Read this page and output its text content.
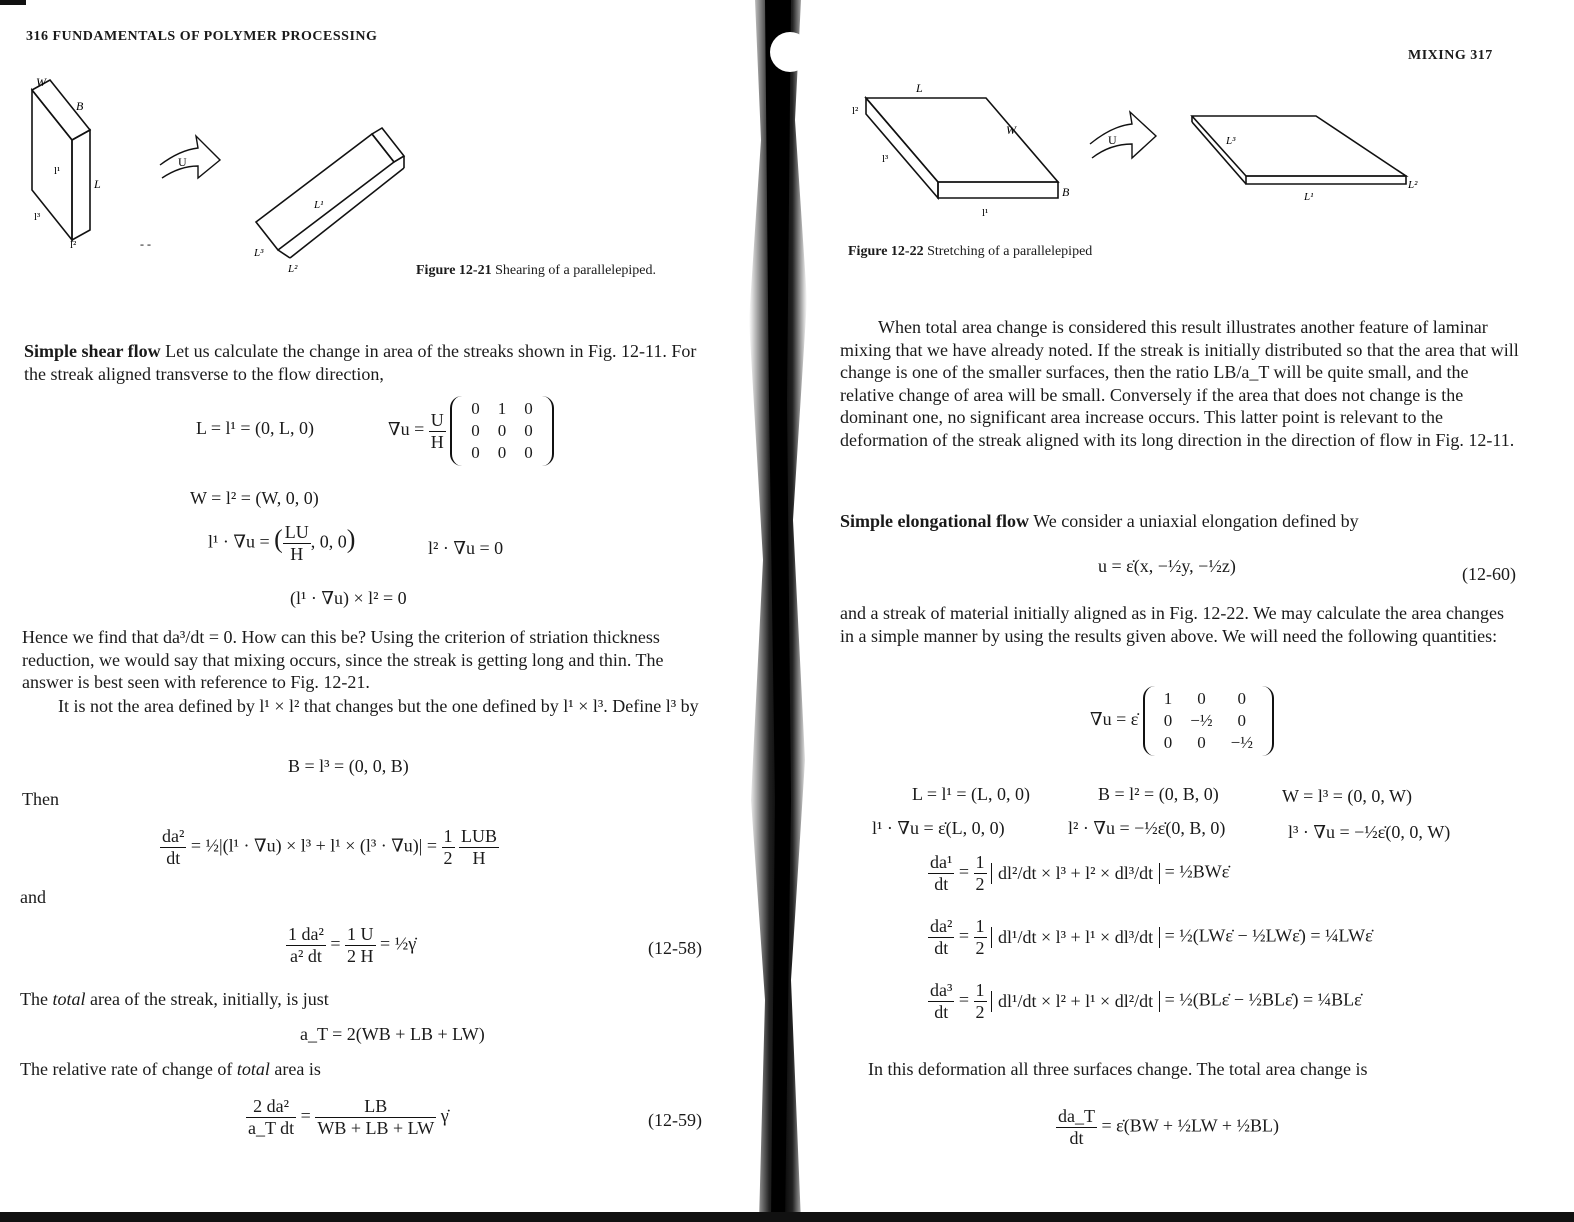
316 FUNDAMENTALS OF POLYMER PROCESSING
W
B
L
l¹
l²
l³
U
- -
L¹
L³
L²	Figure 12-21 Shearing of a parallelepiped.
Simple shear flow Let us calculate the change in area of the streaks shown in Fig. 12-11. For the streak aligned transverse to the flow direction,
L = l¹ = (0, L, 0)	$\nabla u = \frac{U}{H}$

0	1	0
0	0	0
0	0	0
W = l² = (W, 0, 0)
l¹ · ∇u = ( $\frac{LU}{H}$ , 0, 0)	l² · ∇u = 0
(l¹ · ∇u) × l² = 0
Hence we find that da³/dt = 0. How can this be? Using the criterion of striation thickness reduction, we would say that mixing occurs, since the streak is getting long and thin. The answer is best seen with reference to Fig. 12-21.
It is not the area defined by l¹ × l² that changes but the one defined by l¹ × l³. Define l³ by
B = l³ = (0, 0, B)
Then
$\frac{\text{da²}}{dt}$ = ½|(l¹ · $\nabla u) \times l^3 + l^1 \times (l^3 \cdot \nabla u)| = \frac{1}{2}$
$\frac{\text{LUB}}{H}$
and
$\frac{\text{1 da²}}{\text{a² dt}} = \frac{1 U}{2 H}$ = ½γ̇	(12-58)
The total area of the streak, initially, is just
a_T = 2(WB + LB + LW)
The relative rate of change of total area is
$\frac{\text{2 da²}}{\text{a\_T dt}} = \frac{LB}{WB + LB + LW}$ γ̇	(12-59)
MIXING 317
L
W
B
l²
l³
l¹
U	L³
L¹
L²
Figure 12-22 Stretching of a parallelepiped
When total area change is considered this result illustrates another feature of laminar mixing that we have already noted. If the streak is initially distributed so that the area that will change is one of the smaller surfaces, then the ratio LB/a_T will be quite small, and the relative change of area will be small. Conversely if the area that does not change is the dominant one, no significant area increase occurs. This latter point is relevant to the deformation of the streak aligned with its long direction in the direction of flow in Fig. 12-11.
Simple elongational flow We consider a uniaxial elongation defined by
u = ε̇(x, −½y, −½z)	(12-60)
and a streak of material initially aligned as in Fig. 12-22. We may calculate the area changes in a simple manner by using the results given above. We will need the following quantities:
∇u = ε̇
1	0	0
0	−½	0
0	0	−½
L = l¹ = (L, 0, 0)	B = l² = (0, B, 0)	W = l³ = (0, 0, W)
l¹ · ∇u = ε̇(L, 0, 0)	l² · ∇u = −½ε̇(0, B, 0)	l³ · ∇u = −½ε̇(0, 0, W)
$\frac{\text{da¹}}{dt} = \frac{1}{2} dl^2/dt \times l^3 + l^2 \times dl^3/dt$ = ½BWε̇
$\frac{\text{da²}}{dt} = \frac{1}{2} dl^1/dt \times l^3 + l^1 \times dl^3/dt$ = ½(LWε̇ − ½LWε̇) = ¼LWε̇
$\frac{\text{da³}}{dt} = \frac{1}{2} dl^1/dt \times l^2 + l^1 \times dl^2/dt$ = ½(BLε̇ − ½BLε̇) = ¼BLε̇
In this deformation all three surfaces change. The total area change is
$\frac{da\_T}{dt}$ = ε̇(BW + ½LW + ½BL)
